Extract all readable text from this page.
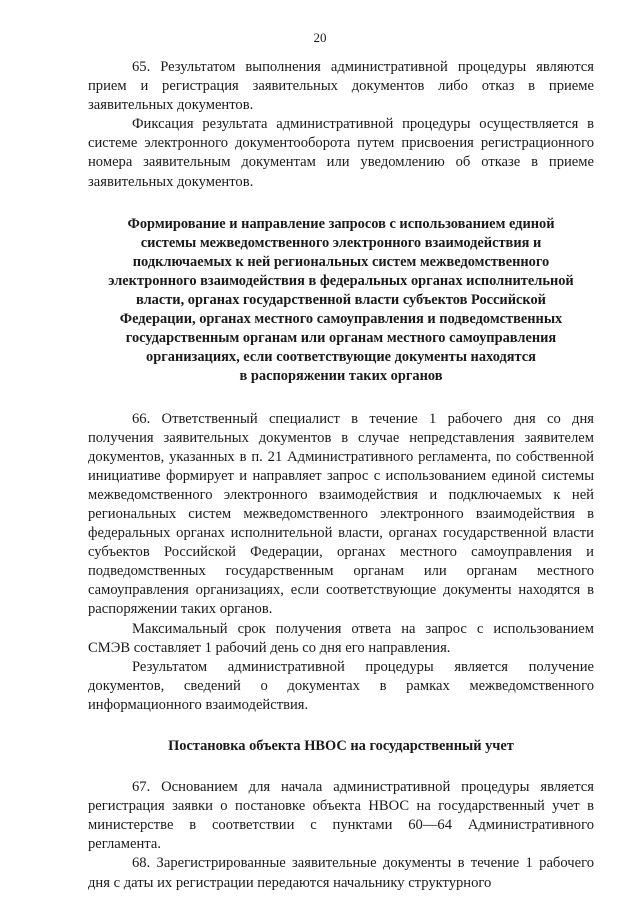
20

65. Результатом выполнения административной процедуры являются прием и регистрация заявительных документов либо отказ в приеме заявительных документов.

Фиксация результата административной процедуры осуществляется в системе электронного документооборота путем присвоения регистрационного номера заявительным документам или уведомлению об отказе в приеме заявительных документов.

Формирование и направление запросов с использованием единой
системы межведомственного электронного взаимодействия и
подключаемых к ней региональных систем межведомственного
электронного взаимодействия в федеральных органах исполнительной
власти, органах государственной власти субъектов Российской
Федерации, органах местного самоуправления и подведомственных
государственным органам или органам местного самоуправления
организациях, если соответствующие документы находятся
в распоряжении таких органов

66. Ответственный специалист в течение 1 рабочего дня со дня получения заявительных документов в случае непредставления заявителем документов, указанных в п. 21 Административного регламента, по собственной инициативе формирует и направляет запрос с использованием единой системы межведомственного электронного взаимодействия и подключаемых к ней региональных систем межведомственного электронного взаимодействия в федеральных органах исполнительной власти, органах государственной власти субъектов Российской Федерации, органах местного самоуправления и подведомственных государственным органам или органам местного самоуправления организациях, если соответствующие документы находятся в распоряжении таких органов.

Максимальный срок получения ответа на запрос с использованием СМЭВ составляет 1 рабочий день со дня его направления.

Результатом административной процедуры является получение документов, сведений о документах в рамках межведомственного информационного взаимодействия.

Постановка объекта НВОС на государственный учет

67. Основанием для начала административной процедуры является регистрация заявки о постановке объекта НВОС на государственный учет в министерстве в соответствии с пунктами 60—64 Административного регламента.

68. Зарегистрированные заявительные документы в течение 1 рабочего дня с даты их регистрации передаются начальнику структурного
